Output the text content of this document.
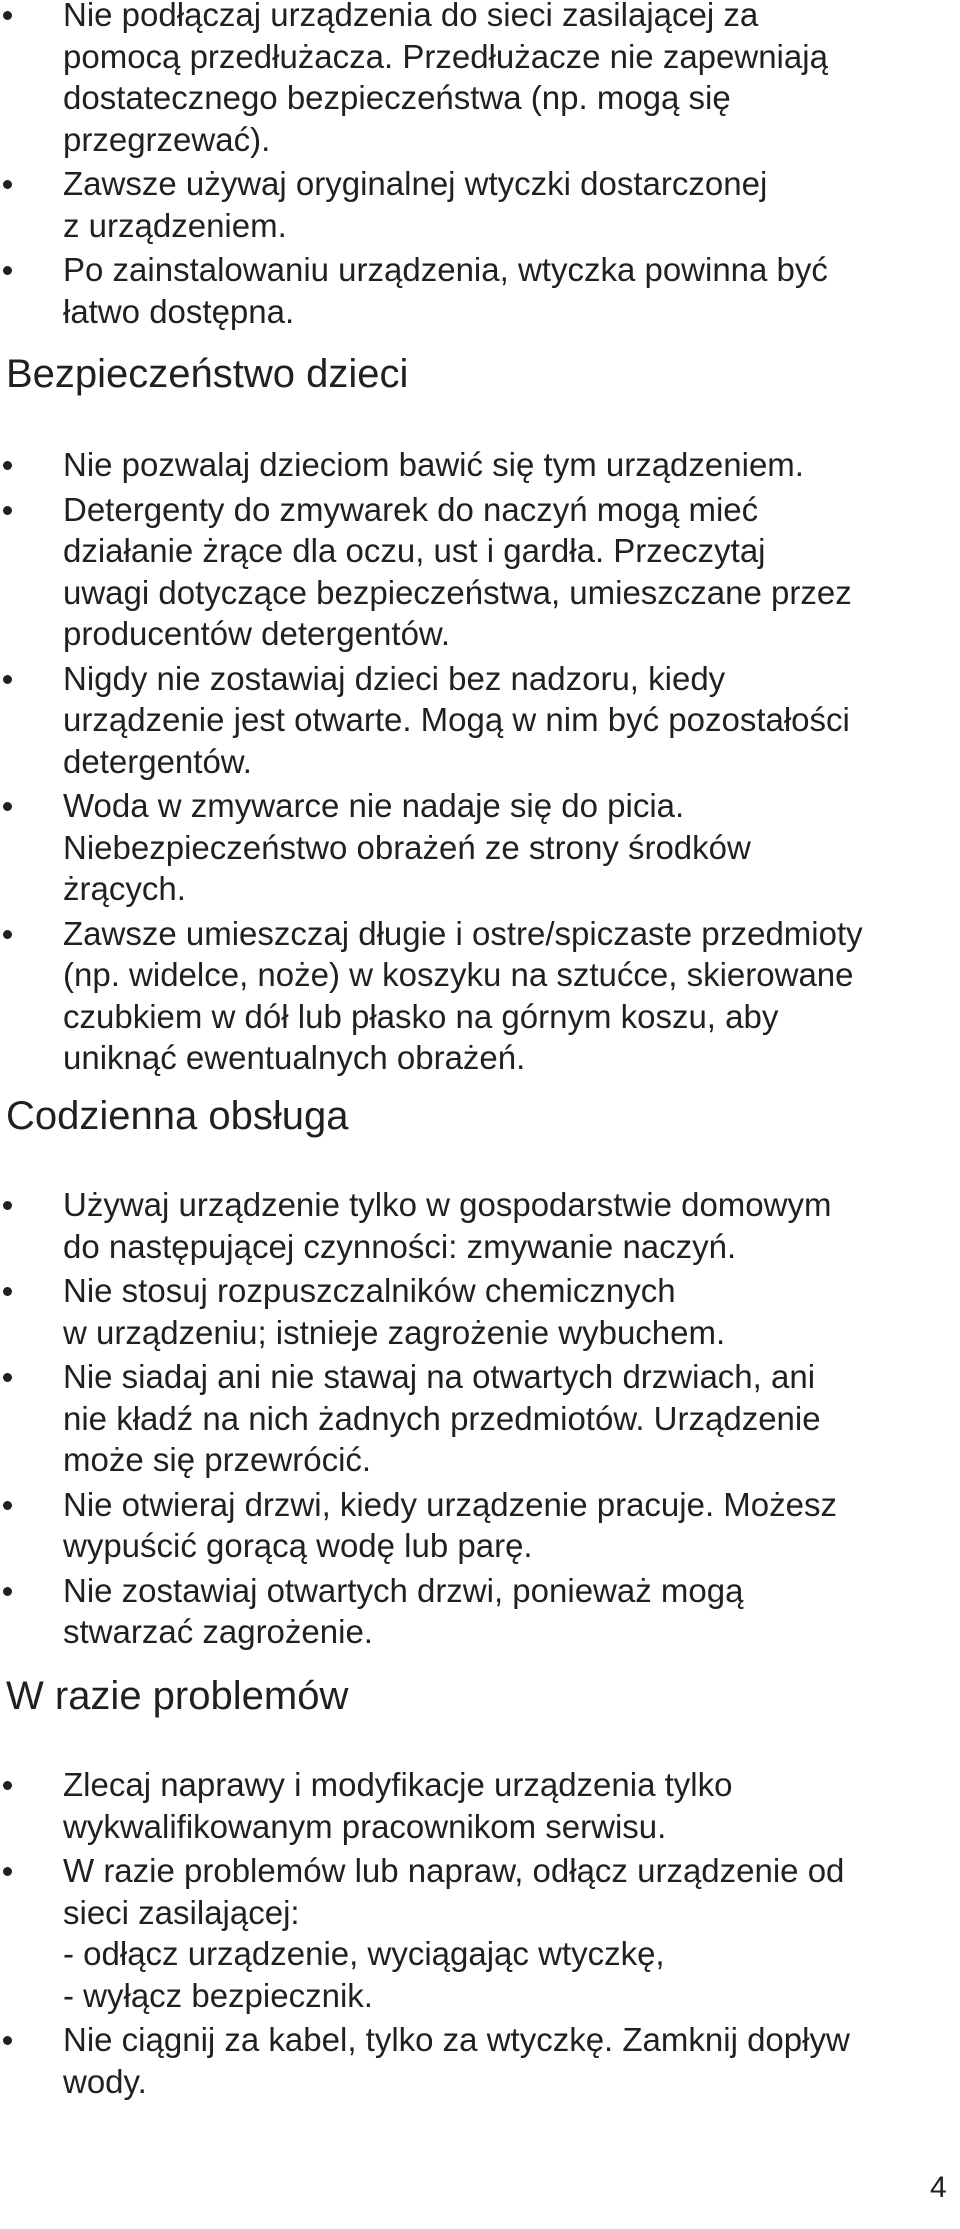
Nie podłączaj urządzenia do sieci zasilającej za
pomocą przedłużacza. Przedłużacze nie zapewniają
dostatecznego bezpieczeństwa (np. mogą się
przegrzewać).
Zawsze używaj oryginalnej wtyczki dostarczonej
z urządzeniem.
Po zainstalowaniu urządzenia, wtyczka powinna być
łatwo dostępna.
Bezpieczeństwo dzieci
Nie pozwalaj dzieciom bawić się tym urządzeniem.
Detergenty do zmywarek do naczyń mogą mieć
działanie żrące dla oczu, ust i gardła. Przeczytaj
uwagi dotyczące bezpieczeństwa, umieszczane przez
producentów detergentów.
Nigdy nie zostawiaj dzieci bez nadzoru, kiedy
urządzenie jest otwarte. Mogą w nim być pozostałości
detergentów.
Woda w zmywarce nie nadaje się do picia.
Niebezpieczeństwo obrażeń ze strony środków
żrących.
Zawsze umieszczaj długie i ostre/spiczaste przedmioty
(np. widelce, noże) w koszyku na sztućce, skierowane
czubkiem w dół lub płasko na górnym koszu, aby
uniknąć ewentualnych obrażeń.
Codzienna obsługa
Używaj urządzenie tylko w gospodarstwie domowym
do następującej czynności: zmywanie naczyń.
Nie stosuj rozpuszczalników chemicznych
w urządzeniu; istnieje zagrożenie wybuchem.
Nie siadaj ani nie stawaj na otwartych drzwiach, ani
nie kładź na nich żadnych przedmiotów. Urządzenie
może się przewrócić.
Nie otwieraj drzwi, kiedy urządzenie pracuje. Możesz
wypuścić gorącą wodę lub parę.
Nie zostawiaj otwartych drzwi, ponieważ mogą
stwarzać zagrożenie.
W razie problemów
Zlecaj naprawy i modyfikacje urządzenia tylko
wykwalifikowanym pracownikom serwisu.
W razie problemów lub napraw, odłącz urządzenie od
sieci zasilającej:
- odłącz urządzenie, wyciągając wtyczkę,
- wyłącz bezpiecznik.
Nie ciągnij za kabel, tylko za wtyczkę. Zamknij dopływ
wody.
4
